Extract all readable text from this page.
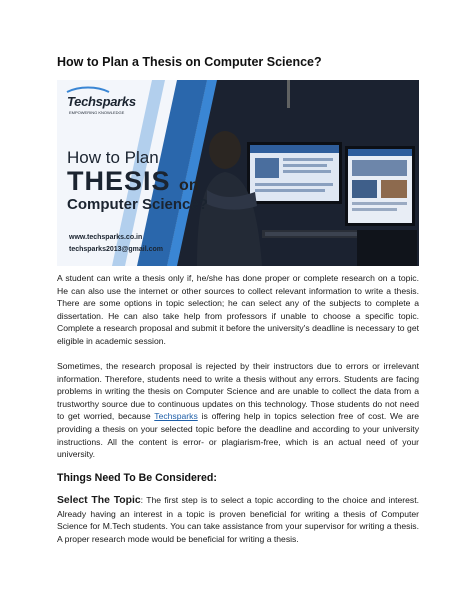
How to Plan a Thesis on Computer Science?
Techsparks
EMPOWERING KNOWLEDGE
How to Plan
THESIS on
Computer Science?
www.techsparks.co.in
techsparks2013@gmail.com
A student can write a thesis only if, he/she has done proper or complete research on a topic. He can also use the internet or other sources to collect relevant information to write a thesis. There are some options in topic selection; he can select any of the subjects to complete a dissertation. He can also take help from professors if unable to choose a specific topic. Complete a research proposal and submit it before the university's deadline is necessary to get eligible in academic session.
Sometimes, the research proposal is rejected by their instructors due to errors or irrelevant information. Therefore, students need to write a thesis without any errors. Students are facing problems in writing the thesis on Computer Science and are unable to collect the data from a trustworthy source due to continuous updates on this technology. Those students do not need to get worried, because Techsparks is offering help in topics selection free of cost. We are providing a thesis on your selected topic before the deadline and according to your university instructions. All the content is error- or plagiarism-free, which is an actual need of your university.
Things Need To Be Considered:
Select The Topic: The first step is to select a topic according to the choice and interest. Already having an interest in a topic is proven beneficial for writing a thesis of Computer Science for M.Tech students. You can take assistance from your supervisor for writing a thesis. A proper research mode would be beneficial for writing a thesis.
